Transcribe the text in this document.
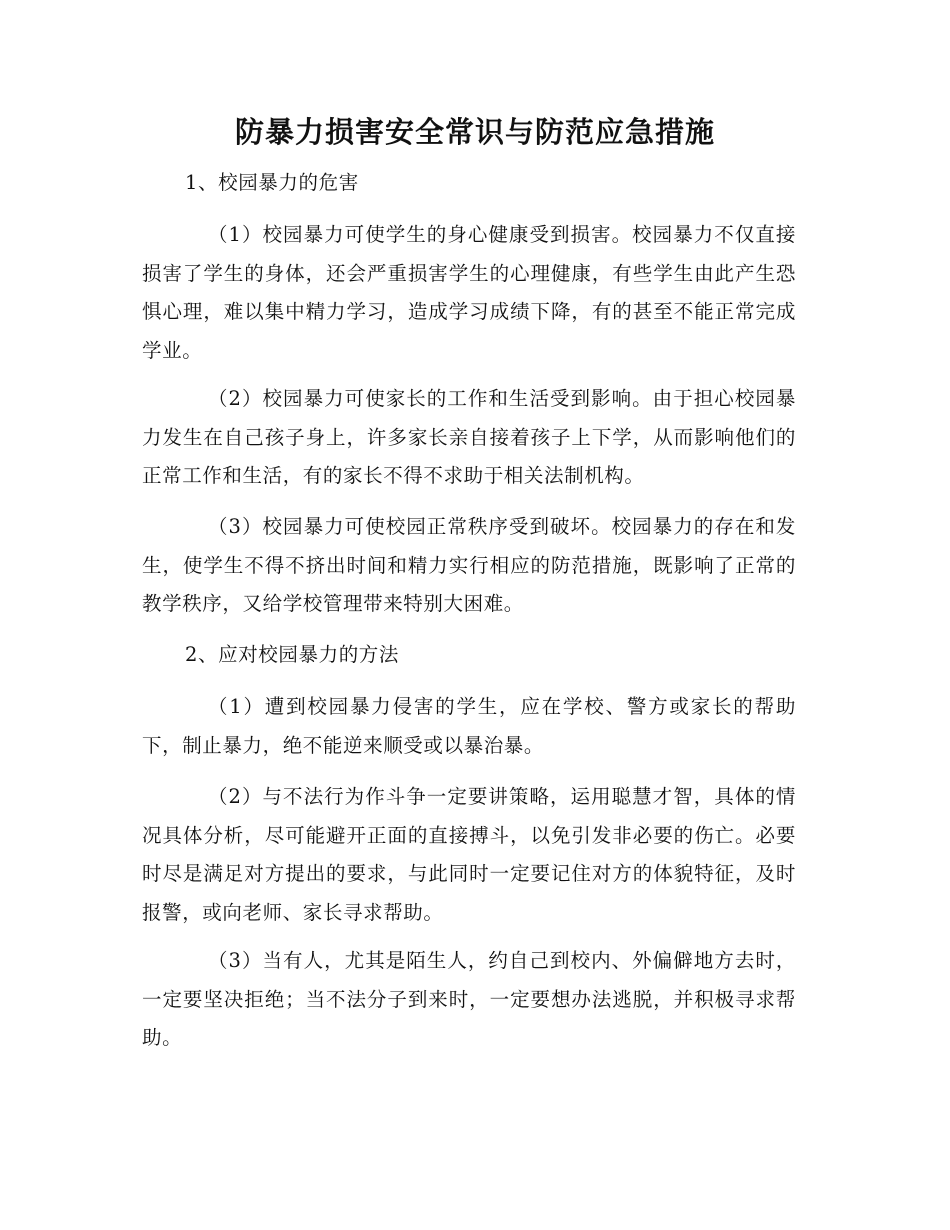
防暴力损害安全常识与防范应急措施
1、校园暴力的危害
（1）校园暴力可使学生的身心健康受到损害。校园暴力不仅直接损害了学生的身体，还会严重损害学生的心理健康，有些学生由此产生恐惧心理，难以集中精力学习，造成学习成绩下降，有的甚至不能正常完成学业。
（2）校园暴力可使家长的工作和生活受到影响。由于担心校园暴力发生在自己孩子身上，许多家长亲自接着孩子上下学，从而影响他们的正常工作和生活，有的家长不得不求助于相关法制机构。
（3）校园暴力可使校园正常秩序受到破坏。校园暴力的存在和发生，使学生不得不挤出时间和精力实行相应的防范措施，既影响了正常的教学秩序，又给学校管理带来特别大困难。
2、应对校园暴力的方法
（1）遭到校园暴力侵害的学生，应在学校、警方或家长的帮助下，制止暴力，绝不能逆来顺受或以暴治暴。
（2）与不法行为作斗争一定要讲策略，运用聪慧才智，具体的情况具体分析，尽可能避开正面的直接搏斗，以免引发非必要的伤亡。必要时尽是满足对方提出的要求，与此同时一定要记住对方的体貌特征，及时报警，或向老师、家长寻求帮助。
（3）当有人，尤其是陌生人，约自己到校内、外偏僻地方去时，一定要坚决拒绝；当不法分子到来时，一定要想办法逃脱，并积极寻求帮助。
